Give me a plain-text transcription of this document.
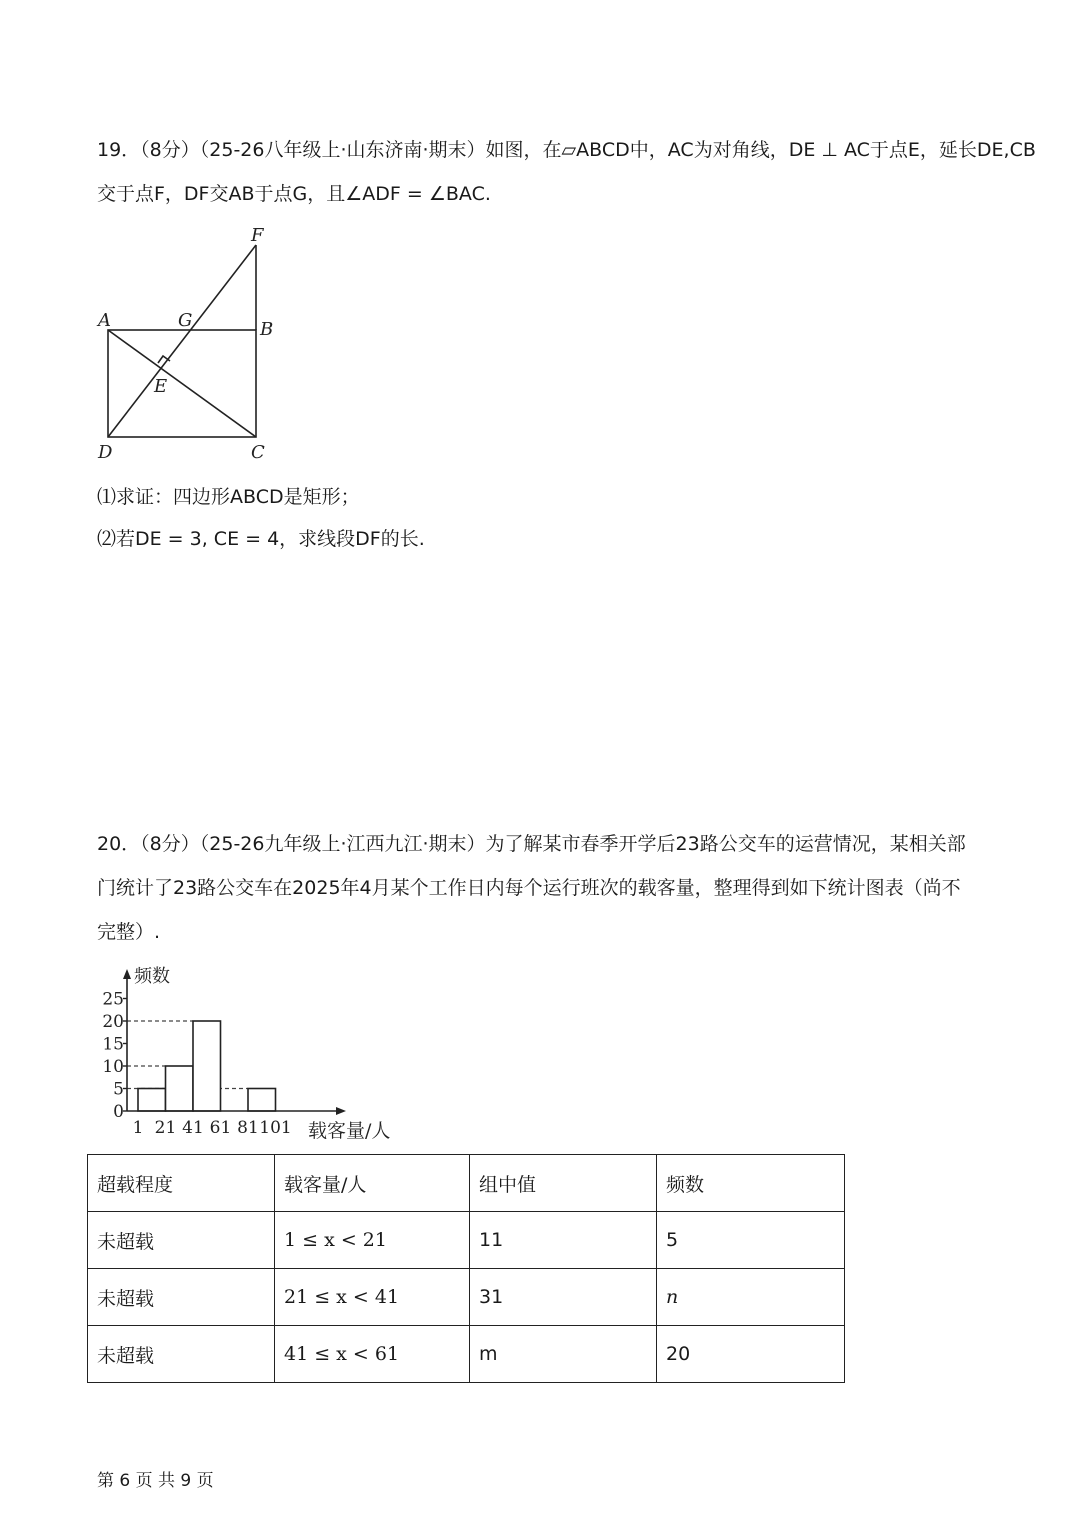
19．（8分）（25-26八年级上·山东济南·期末）如图，在▱ABCD中，AC为对角线，DE ⊥ AC于点E，延长DE,CB
交于点F，DF交AB于点G，且∠ADF = ∠BAC.
F
A	G	B
E
D	C
⑴求证：四边形ABCD是矩形；
⑵若DE = 3, CE = 4，求线段DF的长.
20．（8分）（25-26九年级上·江西九江·期末）为了解某市春季开学后23路公交车的运营情况，某相关部
门统计了23路公交车在2025年4月某个工作日内每个运行班次的载客量，整理得到如下统计图表（尚不
完整）.
0
5
10
15
20
25
1 21 41 61 81 101
频数
载客量/人
超载程度	载客量/人	组中值	频数
未超载	1 ≤ x < 21	11	5
未超载	21 ≤ x < 41	31	n
未超载	41 ≤ x < 61	m	20
第 6 页 共 9 页
